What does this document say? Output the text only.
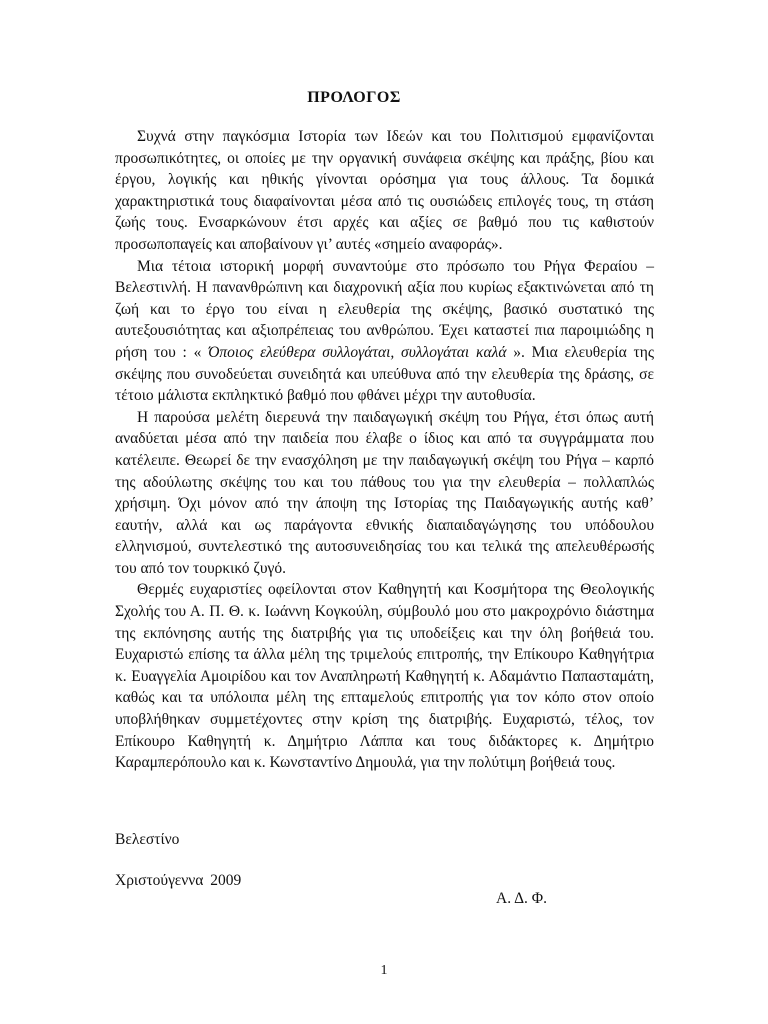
ΠΡΟΛΟΓΟΣ

Συχνά στην παγκόσμια Ιστορία των Ιδεών και του Πολιτισμού εμφανίζονται προσωπικότητες, οι οποίες με την οργανική συνάφεια σκέψης και πράξης, βίου και έργου, λογικής και ηθικής γίνονται ορόσημα για τους άλλους. Τα δομικά χαρακτηριστικά τους διαφαίνονται μέσα από τις ουσιώδεις επιλογές τους, τη στάση ζωής τους. Ενσαρκώνουν έτσι αρχές και αξίες σε βαθμό που τις καθιστούν προσωποπαγείς και αποβαίνουν γι’ αυτές «σημείο αναφοράς».

Μια τέτοια ιστορική μορφή συναντούμε στο πρόσωπο του Ρήγα Φεραίου – Βελεστινλή. Η πανανθρώπινη και διαχρονική αξία που κυρίως εξακτινώνεται από τη ζωή και το έργο του είναι η ελευθερία της σκέψης, βασικό συστατικό της αυτεξουσιότητας και αξιοπρέπειας του ανθρώπου. Έχει καταστεί πια παροιμιώδης η ρήση του : « Όποιος ελεύθερα συλλογάται, συλλογάται καλά ». Μια ελευθερία της σκέψης που συνοδεύεται συνειδητά και υπεύθυνα από την ελευθερία της δράσης, σε τέτοιο μάλιστα εκπληκτικό βαθμό που φθάνει μέχρι την αυτοθυσία.

Η παρούσα μελέτη διερευνά την παιδαγωγική σκέψη του Ρήγα, έτσι όπως αυτή αναδύεται μέσα από την παιδεία που έλαβε ο ίδιος και από τα συγγράμματα που κατέλειπε. Θεωρεί δε την ενασχόληση με την παιδαγωγική σκέψη του Ρήγα – καρπό της αδούλωτης σκέψης του και του πάθους του για την ελευθερία – πολλαπλώς χρήσιμη. Όχι μόνον από την άποψη της Ιστορίας της Παιδαγωγικής αυτής καθ’ εαυτήν, αλλά και ως παράγοντα εθνικής διαπαιδαγώγησης του υπόδουλου ελληνισμού, συντελεστικό της αυτοσυνειδησίας του και τελικά της απελευθέρωσής του από τον τουρκικό ζυγό.

Θερμές ευχαριστίες οφείλονται στον Καθηγητή και Κοσμήτορα της Θεολογικής Σχολής του Α. Π. Θ. κ. Ιωάννη Κογκούλη, σύμβουλό μου στο μακροχρόνιο διάστημα της εκπόνησης αυτής της διατριβής για τις υποδείξεις και την όλη βοήθειά του. Ευχαριστώ επίσης τα άλλα μέλη της τριμελούς επιτροπής, την Επίκουρο Καθηγήτρια κ. Ευαγγελία Αμοιρίδου και τον Αναπληρωτή Καθηγητή κ. Αδαμάντιο Παπασταμάτη, καθώς και τα υπόλοιπα μέλη της επταμελούς επιτροπής για τον κόπο στον οποίο υποβλήθηκαν συμμετέχοντες στην κρίση της διατριβής. Ευχαριστώ, τέλος, τον Επίκουρο Καθηγητή κ. Δημήτριο Λάππα και τους διδάκτορες κ. Δημήτριο Καραμπερόπουλο και κ. Κωνσταντίνο Δημουλά, για την πολύτιμη βοήθειά τους.

Βελεστίνο
Χριστούγεννα 2009
Α. Δ. Φ.
1
